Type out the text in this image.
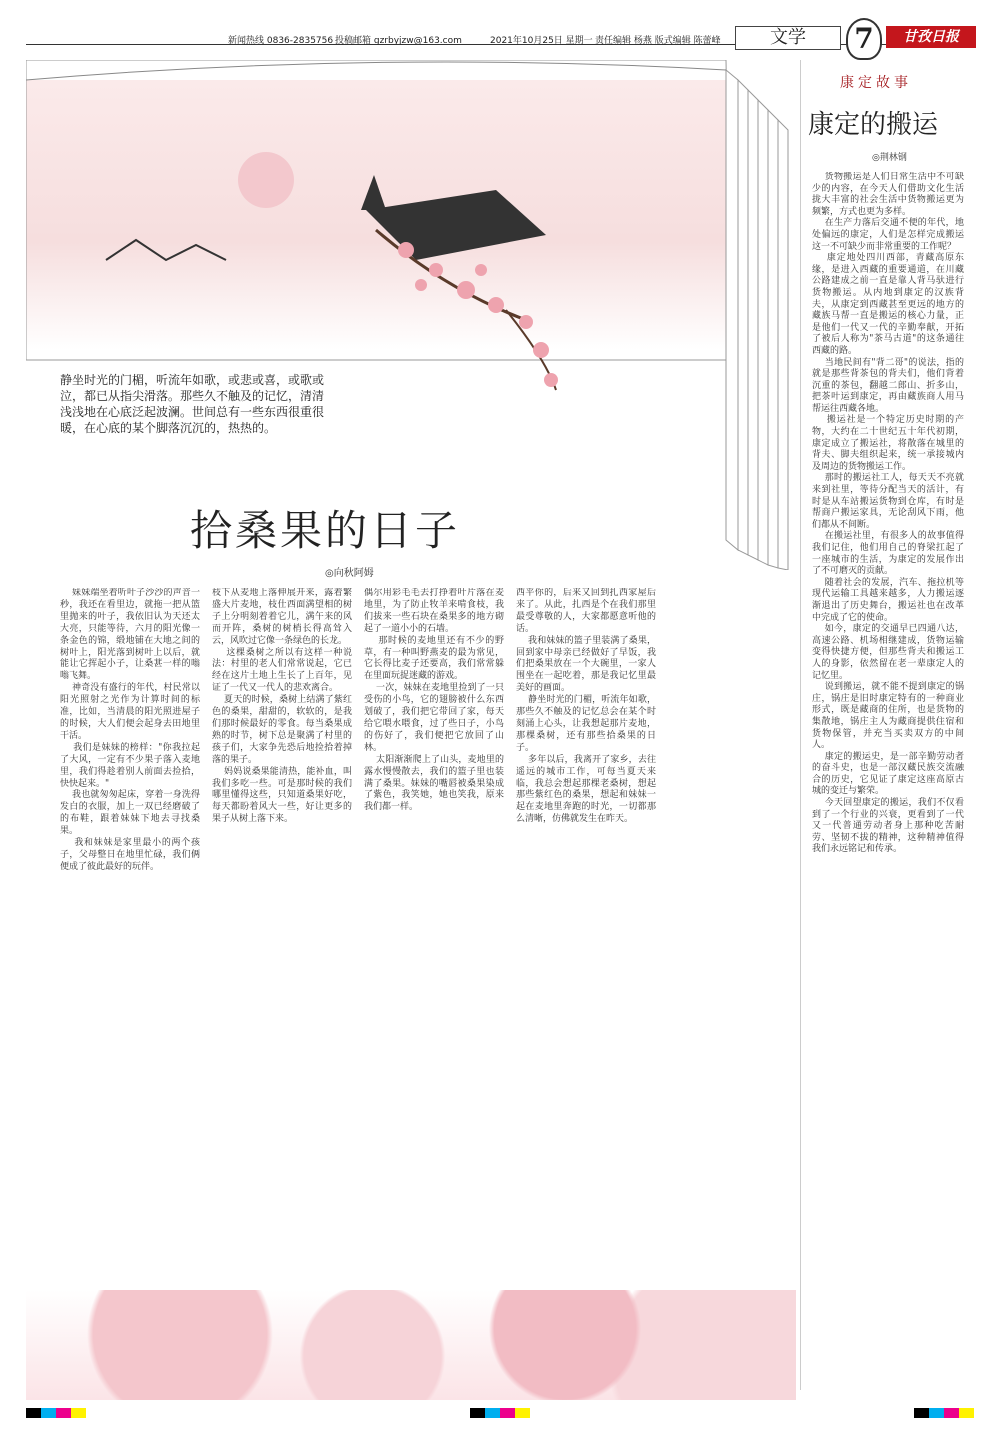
新闻热线 0836-2835756 投稿邮箱 gzrbyjzw@163.com	2021年10月25日 星期一 责任编辑 杨燕 版式编辑 陈蕾峰	文学	7	甘孜日报
静坐时光的门楣，听流年如歌，或悲或喜，或歌或泣，都已从指尖滑落。那些久不触及的记忆，清清浅浅地在心底泛起波澜。世间总有一些东西很重很暖，在心底的某个脚落沉沉的，热热的。
拾桑果的日子
◎向秋阿姆
妹妹端坐着听叶子沙沙的声音一秒，我还在看里边，就拖一把从篮里抛来的叶子，我依旧认为天还太大亮，只能等待，六月的阳光像一条金色的锦，缎地铺在大地之间的树叶上，阳光落到树叶上以后，就能让它挥起小子，让桑葚一样的嗡嗡飞舞。
神奇没有盛行的年代，村民常以阳光照射之光作为计算时间的标准，比如，当清晨的阳光照进屋子的时候，大人们便会起身去田地里干活。
我们是妹妹的榜样："你我拉起了大风，一定有不少果子落入麦地里，我们得趁着别人前面去捡拾，快快起来。"
我也就匆匆起床，穿着一身洗得发白的衣服，加上一双已经磨破了的布鞋，跟着妹妹下地去寻找桑果。
我和妹妹是家里最小的两个孩子，父母整日在地里忙碌，我们俩便成了彼此最好的玩伴。
枝下从麦地上落伸展开来，露着繁盛大片麦地，枝仕西面满望相的树子上分明刻着着它儿，满午来的风而开阵，桑树的树梢长得高耸入云，风吹过它像一条绿色的长龙。
这棵桑树之所以有这样一种说法：村里的老人们常常说起，它已经在这片土地上生长了上百年，见证了一代又一代人的悲欢离合。
夏天的时候，桑树上结满了紫红色的桑果，甜甜的，软软的，是我们那时候最好的零食。每当桑果成熟的时节，树下总是聚满了村里的孩子们，大家争先恐后地捡拾着掉落的果子。
妈妈说桑果能清热，能补血，叫我们多吃一些。可是那时候的我们哪里懂得这些，只知道桑果好吃，每天都盼着风大一些，好让更多的果子从树上落下来。
偶尔用彩毛毛去打挣着叶片落在麦地里，为了防止牧羊来啃食枝，我们拔来一些石块在桑果多的地方砌起了一道小小的石墙。
那时候的麦地里还有不少的野草，有一种叫野燕麦的最为常见，它长得比麦子还要高，我们常常躲在里面玩捉迷藏的游戏。
一次，妹妹在麦地里捡到了一只受伤的小鸟，它的翅膀被什么东西划破了，我们把它带回了家，每天给它喂水喂食，过了些日子，小鸟的伤好了，我们便把它放回了山林。
太阳渐渐爬上了山头，麦地里的露水慢慢散去，我们的篮子里也装满了桑果。妹妹的嘴唇被桑果染成了紫色，我笑她，她也笑我，原来我们都一样。
西平你的，后来又回到扎西家屋后来了。从此，扎西是个在我们那里最受尊敬的人，大家都愿意听他的话。
我和妹妹的篮子里装满了桑果，回到家中母亲已经做好了早饭，我们把桑果放在一个大碗里，一家人围坐在一起吃着，那是我记忆里最美好的画面。
静坐时光的门楣，听流年如歌，那些久不触及的记忆总会在某个时刻涌上心头，让我想起那片麦地，那棵桑树，还有那些拾桑果的日子。
多年以后，我离开了家乡，去往遥远的城市工作，可每当夏天来临，我总会想起那棵老桑树，想起那些紫红色的桑果，想起和妹妹一起在麦地里奔跑的时光，一切都那么清晰，仿佛就发生在昨天。
康定故事
康定的搬运
◎荆林钢
货物搬运是人们日常生活中不可缺少的内容，在今天人们借助文化生活拢大丰富的社会生活中货物搬运更为频繁，方式也更为多样。
在生产力落后交通不便的年代，地处偏远的康定，人们是怎样完成搬运这一不可缺少而非常重要的工作呢？
康定地处四川西部，青藏高原东缘，是进入西藏的重要通道，在川藏公路建成之前一直是靠人背马驮进行货物搬运。从内地到康定的汉族背夫，从康定到西藏甚至更远的地方的藏族马帮一直是搬运的核心力量，正是他们一代又一代的辛勤奉献，开拓了被后人称为"茶马古道"的这条通往西藏的路。
当地民间有"背二哥"的说法，指的就是那些背茶包的背夫们，他们背着沉重的茶包，翻越二郎山、折多山，把茶叶运到康定，再由藏族商人用马帮运往西藏各地。
搬运社是一个特定历史时期的产物，大约在二十世纪五十年代初期，康定成立了搬运社，将散落在城里的背夫、脚夫组织起来，统一承接城内及周边的货物搬运工作。
那时的搬运社工人，每天天不亮就来到社里，等待分配当天的活计，有时是从车站搬运货物到仓库，有时是帮商户搬运家具，无论刮风下雨，他们都从不间断。
在搬运社里，有很多人的故事值得我们记住，他们用自己的脊梁扛起了一座城市的生活，为康定的发展作出了不可磨灭的贡献。
随着社会的发展，汽车、拖拉机等现代运输工具越来越多，人力搬运逐渐退出了历史舞台，搬运社也在改革中完成了它的使命。
如今，康定的交通早已四通八达，高速公路、机场相继建成，货物运输变得快捷方便，但那些背夫和搬运工人的身影，依然留在老一辈康定人的记忆里。
说到搬运，就不能不提到康定的锅庄，锅庄是旧时康定特有的一种商业形式，既是藏商的住所，也是货物的集散地，锅庄主人为藏商提供住宿和货物保管，并充当买卖双方的中间人。
康定的搬运史，是一部辛勤劳动者的奋斗史，也是一部汉藏民族交流融合的历史，它见证了康定这座高原古城的变迁与繁荣。
今天回望康定的搬运，我们不仅看到了一个行业的兴衰，更看到了一代又一代普通劳动者身上那种吃苦耐劳、坚韧不拔的精神，这种精神值得我们永远铭记和传承。
